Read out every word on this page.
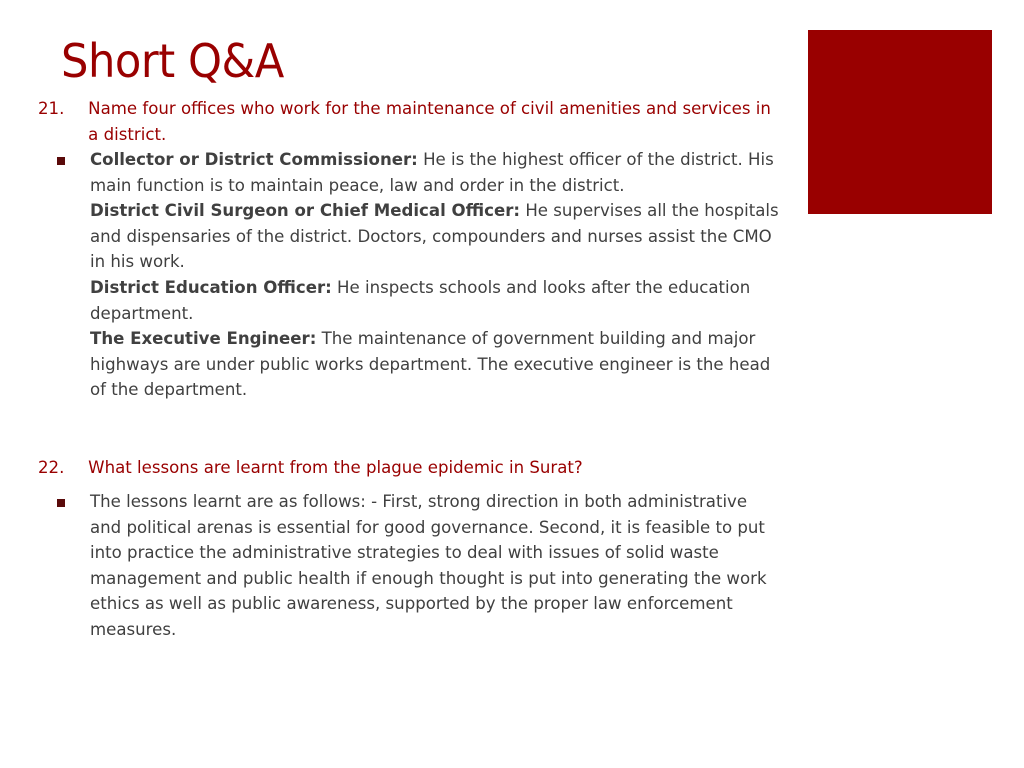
Short Q&A
21. Name four offices who work for the maintenance of civil amenities and services in a district.
Collector or District Commissioner: He is the highest officer of the district. His main function is to maintain peace, law and order in the district.
District Civil Surgeon or Chief Medical Officer: He supervises all the hospitals and dispensaries of the district. Doctors, compounders and nurses assist the CMO in his work.
District Education Officer: He inspects schools and looks after the education department.
The Executive Engineer: The maintenance of government building and major highways are under public works department. The executive engineer is the head of the department.
22. What lessons are learnt from the plague epidemic in Surat?
The lessons learnt are as follows: - First, strong direction in both administrative and political arenas is essential for good governance. Second, it is feasible to put into practice the administrative strategies to deal with issues of solid waste management and public health if enough thought is put into generating the work ethics as well as public awareness, supported by the proper law enforcement measures.
